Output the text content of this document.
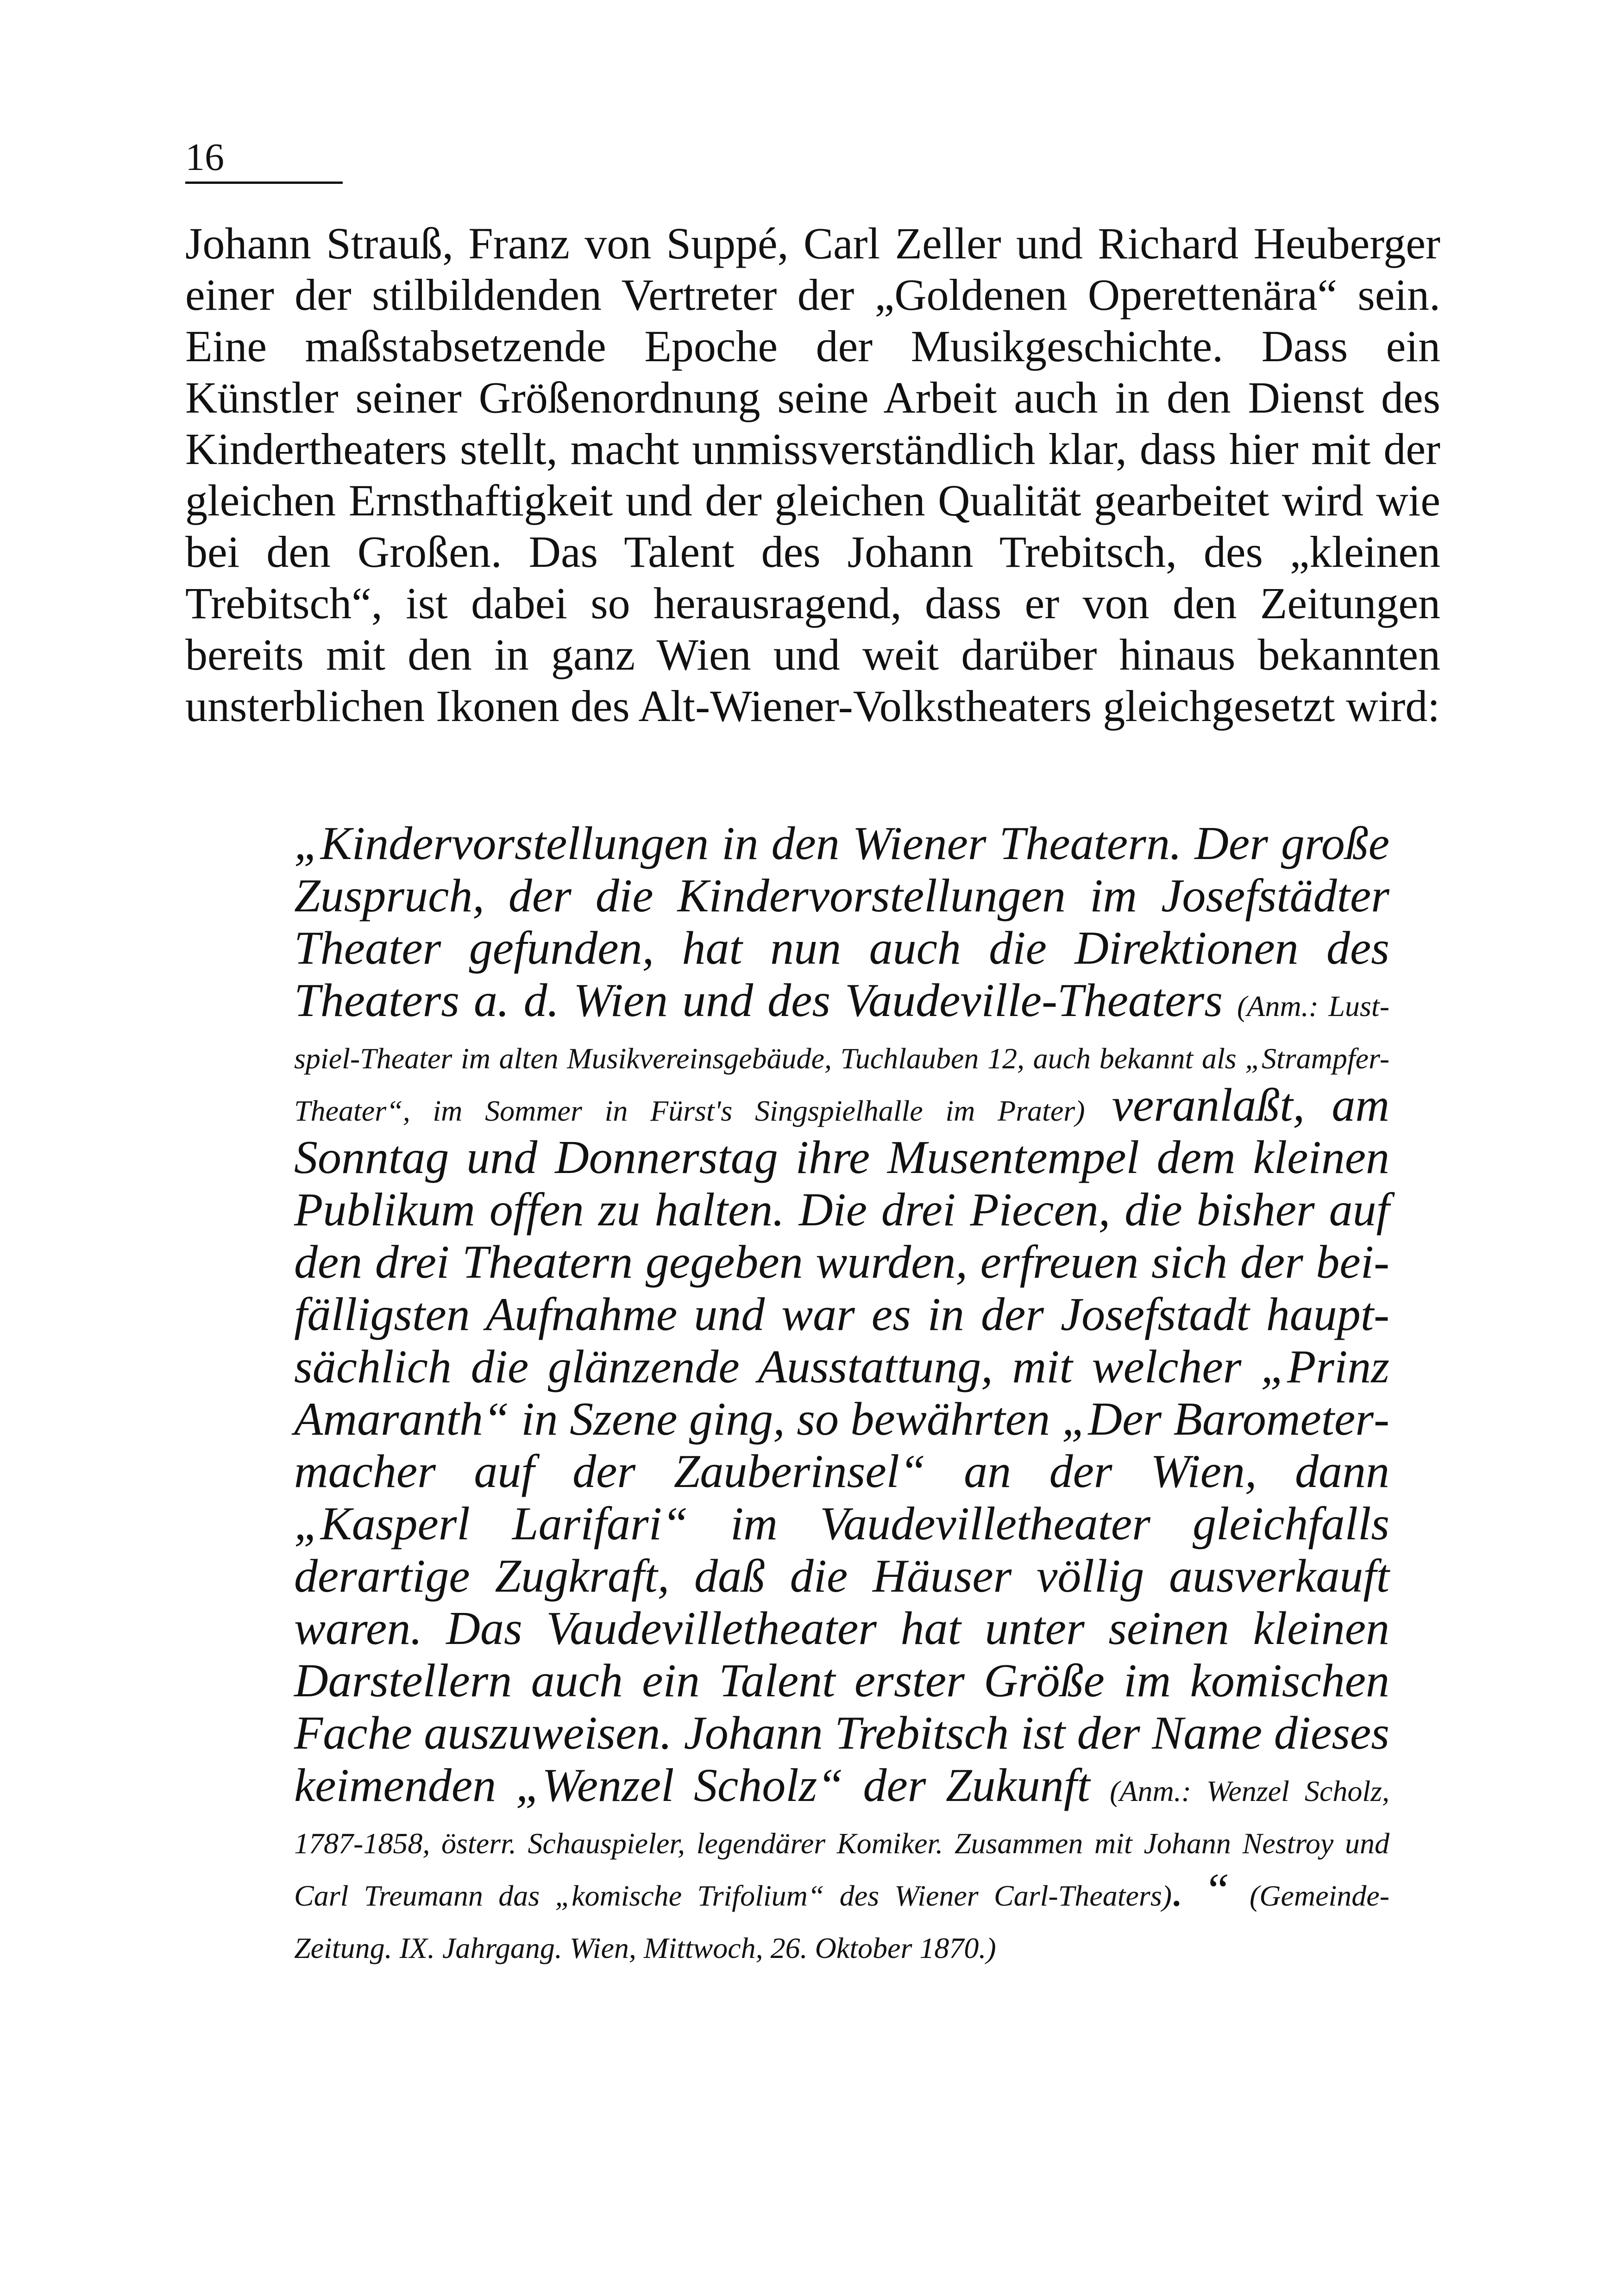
16

Johann Strauß, Franz von Suppé, Carl Zeller und Richard Heuberger einer der stilbildenden Vertreter der „Goldenen Operettenära“ sein. Eine maßstabsetzende Epoche der Musikgeschichte. Dass ein Künstler seiner Größenordnung seine Arbeit auch in den Dienst des Kindertheaters stellt, macht unmissverständlich klar, dass hier mit der gleichen Ernsthaftigkeit und der gleichen Qualität gearbeitet wird wie bei den Großen. Das Talent des Johann Trebitsch, des „kleinen Trebitsch“, ist dabei so herausragend, dass er von den Zeitungen bereits mit den in ganz Wien und weit darüber hinaus bekannten unsterblichen Ikonen des Alt-Wiener-Volkstheaters gleichgesetzt wird:

„Kindervorstellungen in den Wiener Theatern. Der große Zuspruch, der die Kindervorstellungen im Josefstädter Theater gefunden, hat nun auch die Direktionen des Theaters a. d. Wien und des Vaudeville-Theaters (Anm.: Lustspiel-Theater im alten Musikvereinsgebäude, Tuchlauben 12, auch bekannt als „Strampfer-Theater“, im Sommer in Fürst's Singspielhalle im Prater) veranlaßt, am Sonntag und Donnerstag ihre Musentempel dem kleinen Publikum offen zu halten. Die drei Piecen, die bisher auf den drei Theatern gegeben wurden, erfreuen sich der beifälligsten Aufnahme und war es in der Josefstadt hauptsächlich die glänzende Ausstattung, mit welcher „Prinz Amaranth“ in Szene ging, so bewährten „Der Barometermacher auf der Zauberinsel“ an der Wien, dann „Kasperl Larifari“ im Vaudevilletheater gleichfalls derartige Zugkraft, daß die Häuser völlig ausverkauft waren. Das Vaudevilletheater hat unter seinen kleinen Darstellern auch ein Talent erster Größe im komischen Fache auszuweisen. Johann Trebitsch ist der Name dieses keimenden „Wenzel Scholz“ der Zukunft (Anm.: Wenzel Scholz, 1787-1858, österr. Schauspieler, legendärer Komiker. Zusammen mit Johann Nestroy und Carl Treumann das „komische Trifolium“ des Wiener Carl-Theaters). “ (Gemeinde-Zeitung. IX. Jahrgang. Wien, Mittwoch, 26. Oktober 1870.)
